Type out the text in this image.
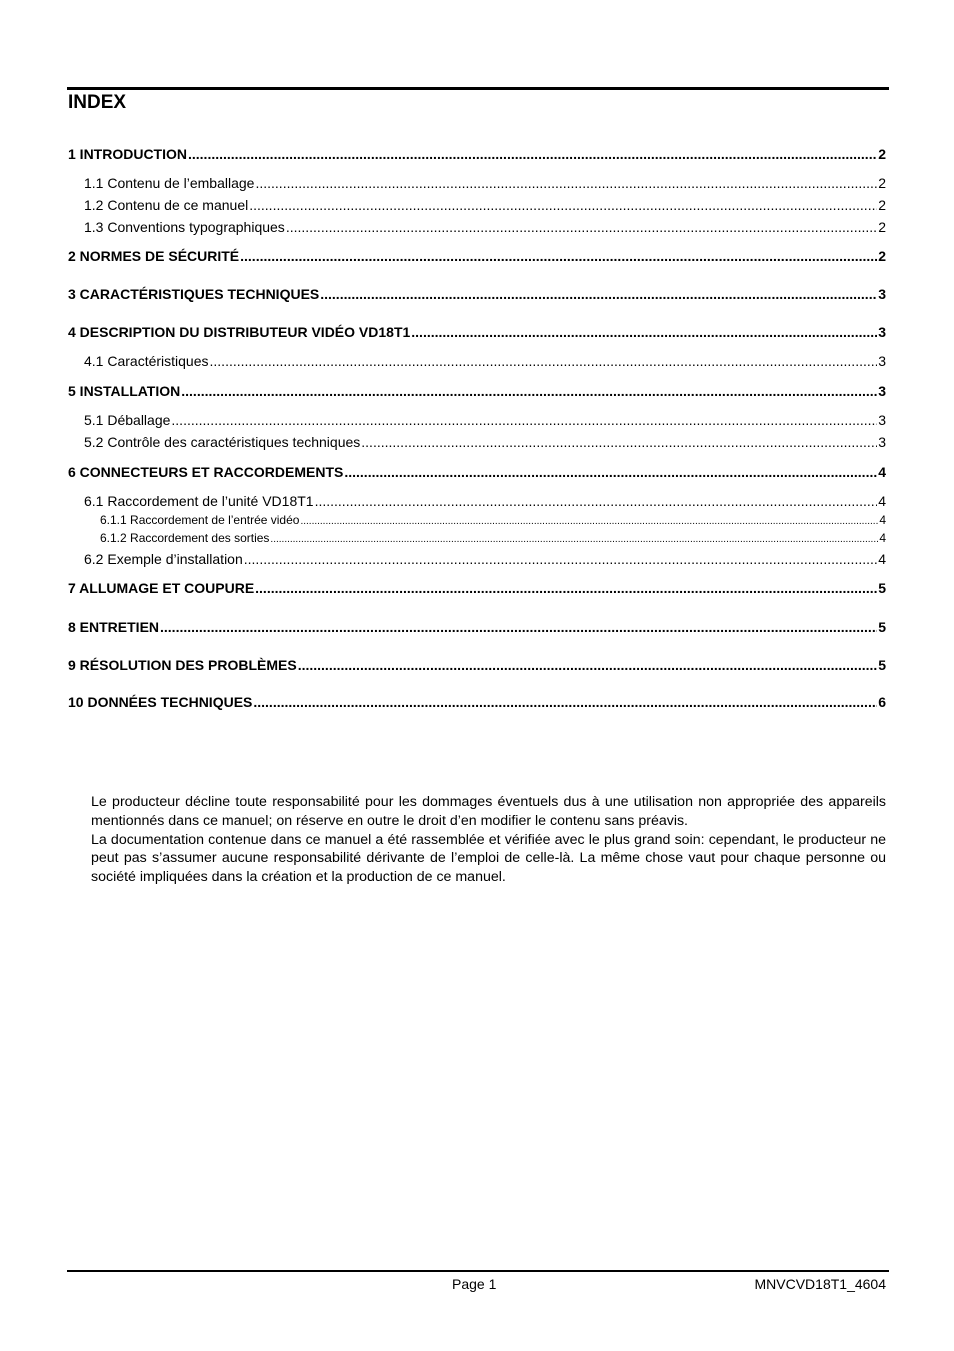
INDEX
1 INTRODUCTION .....	2
1.1 Contenu de l’emballage .....	2
1.2 Contenu de ce manuel .....	2
1.3 Conventions typographiques .....	2
2 NORMES DE SÉCURITÉ .....	2
3 CARACTÉRISTIQUES TECHNIQUES .....	3
4 DESCRIPTION DU DISTRIBUTEUR VIDÉO VD18T1 .....	3
4.1 Caractéristiques .....	3
5 INSTALLATION .....	3
5.1 Déballage .....	3
5.2 Contrôle des caractéristiques techniques .....	3
6 CONNECTEURS ET RACCORDEMENTS .....	4
6.1 Raccordement de l’unité VD18T1 .....	4
6.1.1 Raccordement de l’entrée vidéo .....	4
6.1.2 Raccordement des sorties .....	4
6.2 Exemple d’installation .....	4
7 ALLUMAGE ET COUPURE .....	5
8 ENTRETIEN .....	5
9 RÉSOLUTION DES PROBLÈMES .....	5
10 DONNÉES TECHNIQUES .....	6

Le producteur décline toute responsabilité pour les dommages éventuels dus à une utilisation non appropriée des appareils mentionnés dans ce manuel; on réserve en outre le droit d’en modifier le contenu sans préavis.

La documentation contenue dans ce manuel a été rassemblée et vérifiée avec le plus grand soin: cependant, le producteur ne peut pas s’assumer aucune responsabilité dérivante de l’emploi de celle-là. La même chose vaut pour chaque personne ou société impliquées dans la création et la production de ce manuel.

Page 1	MNVCVD18T1_4604
